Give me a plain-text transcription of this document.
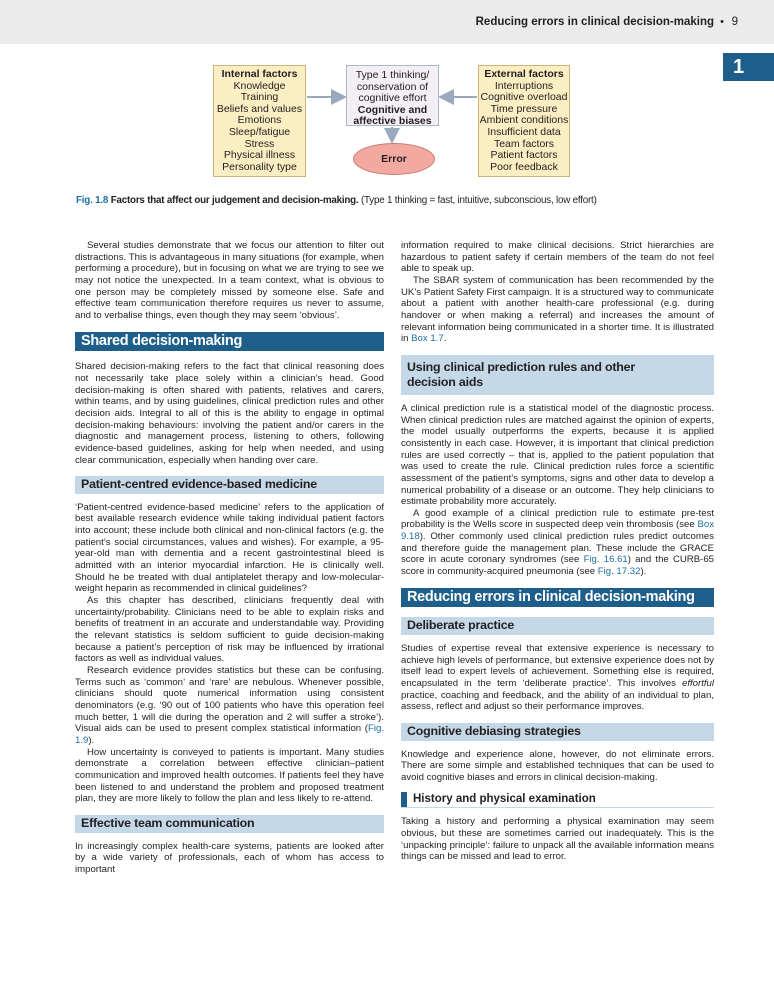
Reducing errors in clinical decision-making • 9
1
Internal factors
Knowledge
Training
Beliefs and values
Emotions
Sleep/fatigue
Stress
Physical illness
Personality type
Type 1 thinking/
conservation of
cognitive effort
Cognitive and
affective biases
Error
External factors
Interruptions
Cognitive overload
Time pressure
Ambient conditions
Insufficient data
Team factors
Patient factors
Poor feedback
Fig. 1.8 Factors that affect our judgement and decision-making. (Type 1 thinking = fast, intuitive, subconscious, low effort)

Several studies demonstrate that we focus our attention to filter out distractions. This is advantageous in many situations (for example, when performing a procedure), but in focusing on what we are trying to see we may not notice the unexpected. In a team context, what is obvious to one person may be completely missed by someone else. Safe and effective team communication therefore requires us never to assume, and to verbalise things, even though they may seem ‘obvious’.

Shared decision-making

Shared decision-making refers to the fact that clinical reasoning does not necessarily take place solely within a clinician’s head. Good decision-making is often shared with patients, relatives and carers, within teams, and by using guidelines, clinical prediction rules and other decision aids. Integral to all of this is the ability to engage in optimal decision-making behaviours: involving the patient and/or carers in the diagnostic and management process, listening to others, following evidence-based guidelines, asking for help when needed, and using clear communication, especially when handing over care.

Patient-centred evidence-based medicine

‘Patient-centred evidence-based medicine’ refers to the application of best available research evidence while taking individual patient factors into account; these include both clinical and non-clinical factors (e.g. the patient’s social circumstances, values and wishes). For example, a 95-year-old man with dementia and a recent gastrointestinal bleed is admitted with an interior myocardial infarction. He is clinically well. Should he be treated with dual antiplatelet therapy and low-molecular-weight heparin as recommended in clinical guidelines?

As this chapter has described, clinicians frequently deal with uncertainty/probability. Clinicians need to be able to explain risks and benefits of treatment in an accurate and understandable way. Providing the relevant statistics is seldom sufficient to guide decision-making because a patient’s perception of risk may be influenced by irrational factors as well as individual values.

Research evidence provides statistics but these can be confusing. Terms such as ‘common’ and ‘rare’ are nebulous. Whenever possible, clinicians should quote numerical information using consistent denominators (e.g. ‘90 out of 100 patients who have this operation feel much better, 1 will die during the operation and 2 will suffer a stroke’). Visual aids can be used to present complex statistical information (Fig. 1.9).

How uncertainty is conveyed to patients is important. Many studies demonstrate a correlation between effective clinician–patient communication and improved health outcomes. If patients feel they have been listened to and understand the problem and proposed treatment plan, they are more likely to follow the plan and less likely to re-attend.

Effective team communication

In increasingly complex health-care systems, patients are looked after by a wide variety of professionals, each of whom has access to important

information required to make clinical decisions. Strict hierarchies are hazardous to patient safety if certain members of the team do not feel able to speak up.

The SBAR system of communication has been recommended by the UK’s Patient Safety First campaign. It is a structured way to communicate about a patient with another health-care professional (e.g. during handover or when making a referral) and increases the amount of relevant information being communicated in a shorter time. It is illustrated in Box 1.7.

Using clinical prediction rules and other
decision aids

A clinical prediction rule is a statistical model of the diagnostic process. When clinical prediction rules are matched against the opinion of experts, the model usually outperforms the experts, because it is applied consistently in each case. However, it is important that clinical prediction rules are used correctly – that is, applied to the patient population that was used to create the rule. Clinical prediction rules force a scientific assessment of the patient’s symptoms, signs and other data to develop a numerical probability of a disease or an outcome. They help clinicians to estimate probability more accurately.

A good example of a clinical prediction rule to estimate pre-test probability is the Wells score in suspected deep vein thrombosis (see Box 9.18). Other commonly used clinical prediction rules predict outcomes and therefore guide the management plan. These include the GRACE score in acute coronary syndromes (see Fig. 16.61) and the CURB-65 score in community-acquired pneumonia (see Fig. 17.32).

Reducing errors in clinical decision-making
Deliberate practice

Studies of expertise reveal that extensive experience is necessary to achieve high levels of performance, but extensive experience does not by itself lead to expert levels of achievement. Something else is required, encapsulated in the term ‘deliberate practice’. This involves effortful practice, coaching and feedback, and the ability of an individual to plan, assess, reflect and adjust so their performance improves.

Cognitive debiasing strategies

Knowledge and experience alone, however, do not eliminate errors. There are some simple and established techniques that can be used to avoid cognitive biases and errors in clinical decision-making.

History and physical examination

Taking a history and performing a physical examination may seem obvious, but these are sometimes carried out inadequately. This is the ‘unpacking principle’: failure to unpack all the available information means things can be missed and lead to error.
